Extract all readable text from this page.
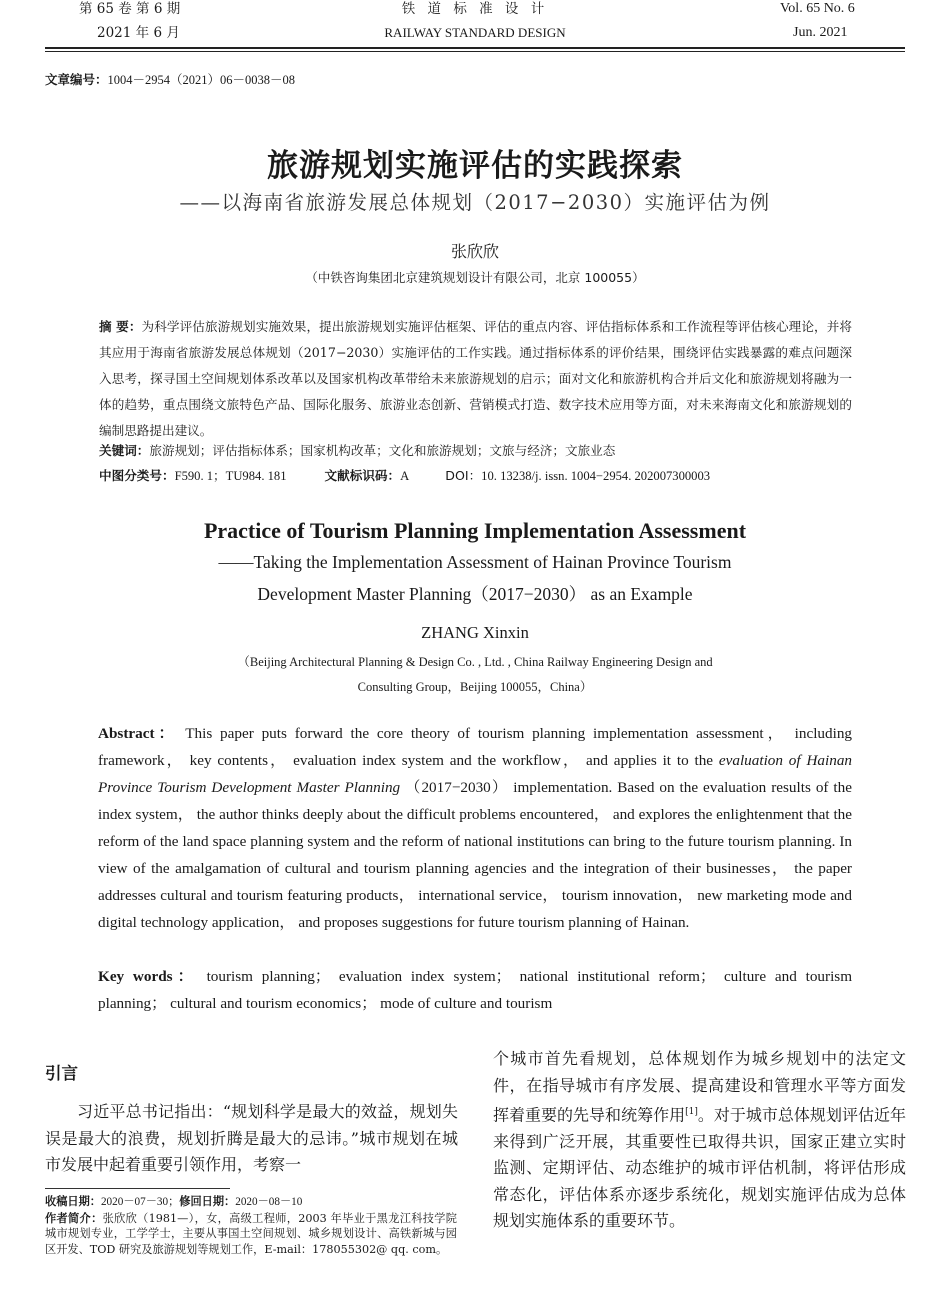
第 65 卷 第 6 期
2021 年 6 月
铁 道 标 准 设 计
RAILWAY STANDARD DESIGN
Vol. 65 No. 6
Jun. 2021
文章编号：1004－2954（2021）06－0038－08
旅游规划实施评估的实践探索
——以海南省旅游发展总体规划（2017−2030）实施评估为例
张欣欣
（中铁咨询集团北京建筑规划设计有限公司，北京 100055）
摘 要：为科学评估旅游规划实施效果，提出旅游规划实施评估框架、评估的重点内容、评估指标体系和工作流程等评估核心理论，并将其应用于海南省旅游发展总体规划（2017−2030）实施评估的工作实践。通过指标体系的评价结果，围绕评估实践暴露的难点问题深入思考，探寻国土空间规划体系改革以及国家机构改革带给未来旅游规划的启示；面对文化和旅游机构合并后文化和旅游规划将融为一体的趋势，重点围绕文旅特色产品、国际化服务、旅游业态创新、营销模式打造、数字技术应用等方面，对未来海南文化和旅游规划的编制思路提出建议。
关键词：旅游规划；评估指标体系；国家机构改革；文化和旅游规划；文旅与经济；文旅业态
中图分类号：F590. 1；TU984. 181	文献标识码：A	DOI：10. 13238/j. issn. 1004−2954. 202007300003
Practice of Tourism Planning Implementation Assessment
——Taking the Implementation Assessment of Hainan Province Tourism
Development Master Planning（2017−2030） as an Example
ZHANG Xinxin
（Beijing Architectural Planning & Design Co. , Ltd. , China Railway Engineering Design and
Consulting Group，Beijing 100055，China）
Abstract： This paper puts forward the core theory of tourism planning implementation assessment， including framework， key contents， evaluation index system and the workflow， and applies it to the evaluation of Hainan Province Tourism Development Master Planning （2017−2030） implementation. Based on the evaluation results of the index system， the author thinks deeply about the difficult problems encountered， and explores the enlightenment that the reform of the land space planning system and the reform of national institutions can bring to the future tourism planning. In view of the amalgamation of cultural and tourism planning agencies and the integration of their businesses， the paper addresses cultural and tourism featuring products， international service， tourism innovation， new marketing mode and digital technology application， and proposes suggestions for future tourism planning of Hainan.
Key words： tourism planning； evaluation index system； national institutional reform； culture and tourism planning； cultural and tourism economics； mode of culture and tourism
引言
习近平总书记指出：“规划科学是最大的效益，规划失误是最大的浪费，规划折腾是最大的忌讳。”城市规划在城市发展中起着重要引领作用，考察一
收稿日期：2020－07－30；修回日期：2020－08－10
作者简介：张欣欣（1981—），女，高级工程师，2003 年毕业于黑龙江科技学院城市规划专业，工学学士，主要从事国土空间规划、城乡规划设计、高铁新城与园区开发、TOD 研究及旅游规划等规划工作，E-mail：178055302@ qq. com。
个城市首先看规划，总体规划作为城乡规划中的法定文件，在指导城市有序发展、提高建设和管理水平等方面发挥着重要的先导和统筹作用[1]。对于城市总体规划评估近年来得到广泛开展，其重要性已取得共识，国家正建立实时监测、定期评估、动态维护的城市评估机制，将评估形成常态化，评估体系亦逐步系统化，规划实施评估成为总体规划实施体系的重要环节。
